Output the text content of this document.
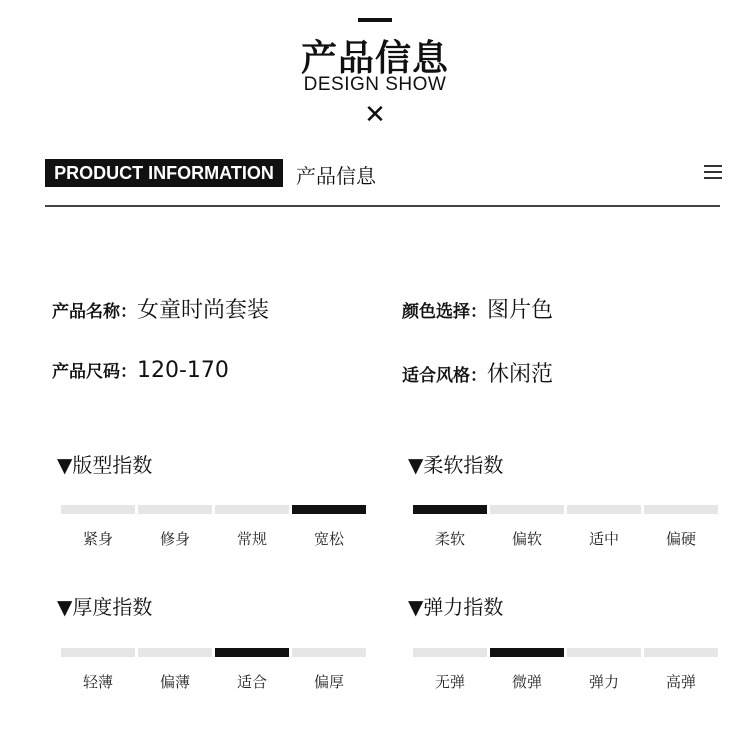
产品信息
DESIGN SHOW
✕
PRODUCT INFORMATION	产品信息
产品名称：女童时尚套装	颜色选择：图片色
产品尺码：120-170	适合风格：休闲范
▼版型指数	▼柔软指数
▼厚度指数	▼弹力指数
紧身	修身	常规	宽松	柔软	偏软	适中	偏硬
轻薄	偏薄	适合	偏厚	无弹	微弹	弹力	高弹
